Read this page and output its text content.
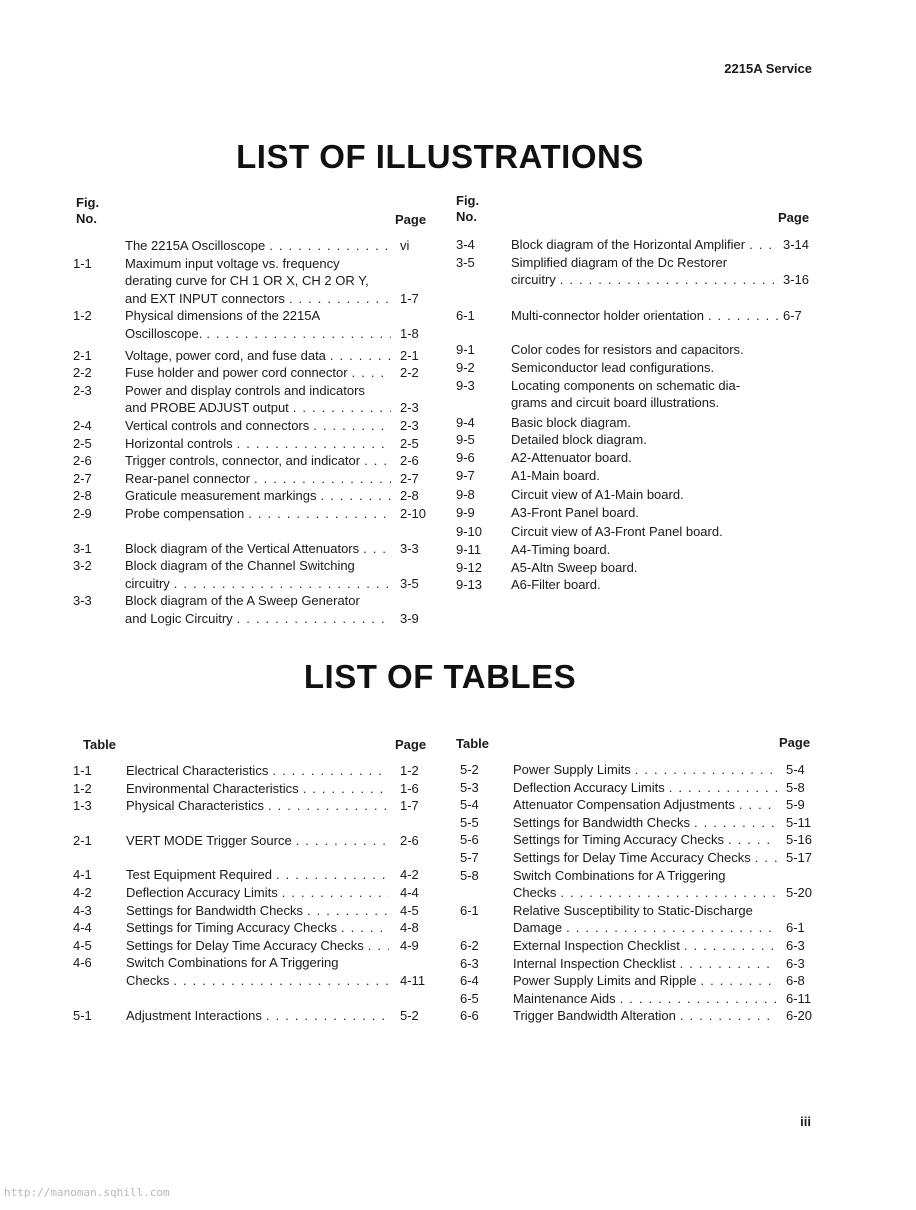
2215A Service
LIST OF ILLUSTRATIONS
Fig.
No.	Page
Fig.
No.	Page
The 2215A Oscilloscope . . .	vi
1-1	Maximum input voltage vs. frequency
derating curve for CH 1 OR X, CH 2 OR Y,
and EXT INPUT connectors . . .	1-7
1-2	Physical dimensions of the 2215A
Oscilloscope. . . .	1-8
2-1	Voltage, power cord, and fuse data . . .	2-1
2-2	Fuse holder and power cord connector . . .	2-2
2-3	Power and display controls and indicators
and PROBE ADJUST output . . .	2-3
2-4	Vertical controls and connectors . . .	2-3
2-5	Horizontal controls . . .	2-5
2-6	Trigger controls, connector, and indicator . . .	2-6
2-7	Rear-panel connector . . .	2-7
2-8	Graticule measurement markings . . .	2-8
2-9	Probe compensation . . .	2-10
3-1	Block diagram of the Vertical Attenuators . . .	3-3
3-2	Block diagram of the Channel Switching
circuitry . . .	3-5
3-3	Block diagram of the A Sweep Generator
and Logic Circuitry . . .	3-9
3-4	Block diagram of the Horizontal Amplifier . . .	3-14
3-5	Simplified diagram of the Dc Restorer
circuitry . . .	3-16
6-1	Multi-connector holder orientation . . .	6-7
9-1	Color codes for resistors and capacitors.
9-2	Semiconductor lead configurations.
9-3	Locating components on schematic dia-
grams and circuit board illustrations.
9-4	Basic block diagram.
9-5	Detailed block diagram.
9-6	A2-Attenuator board.
9-7	A1-Main board.
9-8	Circuit view of A1-Main board.
9-9	A3-Front Panel board.
9-10 Circuit view of A3-Front Panel board.
9-11 A4-Timing board.
9-12 A5-Altn Sweep board.
9-13 A6-Filter board.
LIST OF TABLES
Table	Page Table	Page
1-1	Electrical Characteristics . . .	1-2
1-2	Environmental Characteristics . . .	1-6
1-3	Physical Characteristics . . .	1-7
2-1	VERT MODE Trigger Source . . .	2-6
4-1	Test Equipment Required . . .	4-2
4-2	Deflection Accuracy Limits . . .	4-4
4-3	Settings for Bandwidth Checks . . .	4-5
4-4	Settings for Timing Accuracy Checks . . .	4-8
4-5	Settings for Delay Time Accuracy Checks . . .	4-9
4-6	Switch Combinations for A Triggering
Checks . . .	4-11
5-1	Adjustment Interactions . . .	5-2
5-2	Power Supply Limits . . .	5-4
5-3	Deflection Accuracy Limits . . .	5-8
5-4	Attenuator Compensation Adjustments . . .	5-9
5-5	Settings for Bandwidth Checks . . .	5-11
5-6	Settings for Timing Accuracy Checks . . .	5-16
5-7	Settings for Delay Time Accuracy Checks . . .	5-17
5-8	Switch Combinations for A Triggering
Checks . . .	5-20
6-1	Relative Susceptibility to Static-Discharge
Damage . . .	6-1
6-2	External Inspection Checklist . . .	6-3
6-3	Internal Inspection Checklist . . .	6-3
6-4	Power Supply Limits and Ripple . . .	6-8
6-5	Maintenance Aids . . .	6-11
6-6	Trigger Bandwidth Alteration . . .	6-20
iii
http://manoman.sqhill.com
